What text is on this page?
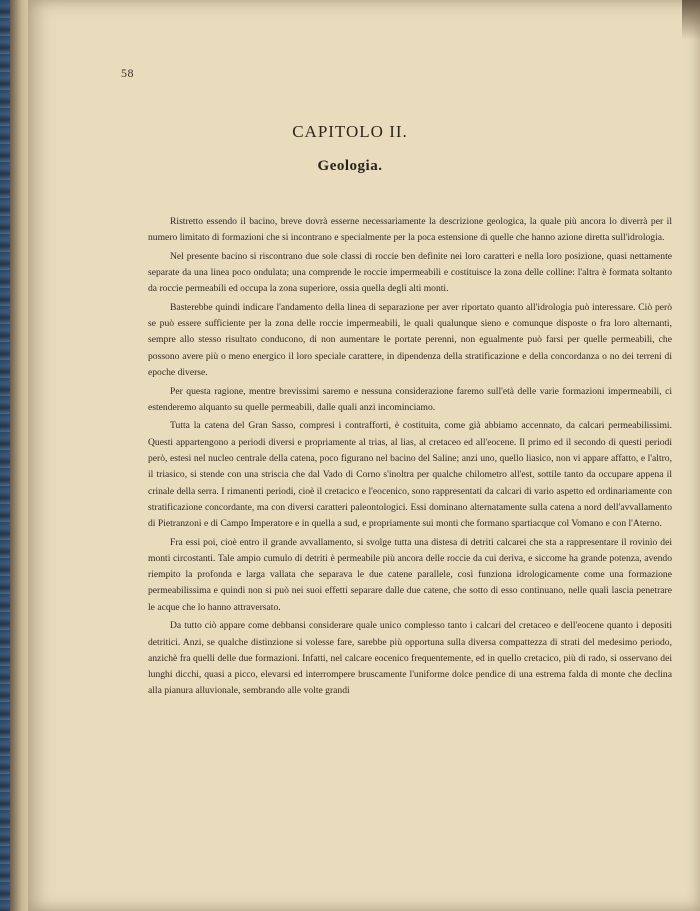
58
CAPITOLO II.
Geologia.

Ristretto essendo il bacino, breve dovrà esserne necessariamente la descrizione geologica, la quale più ancora lo diverrà per il numero limitato di formazioni che si incontrano e specialmente per la poca estensione di quelle che hanno azione diretta sull'idrologia.

Nel presente bacino si riscontrano due sole classi di roccie ben definite nei loro caratteri e nella loro posizione, quasi nettamente separate da una linea poco ondulata; una comprende le roccie impermeabili e costituisce la zona delle colline: l'altra è formata soltanto da roccie permeabili ed occupa la zona superiore, ossia quella degli alti monti.

Basterebbe quindi indicare l'andamento della linea di separazione per aver riportato quanto all'idrologia può interessare. Ciò però se può essere sufficiente per la zona delle roccie impermeabili, le quali qualunque sieno e comunque disposte o fra loro alternanti, sempre allo stesso risultato conducono, di non aumentare le portate perenni, non egualmente può farsi per quelle permeabili, che possono avere più o meno energico il loro speciale carattere, in dipendenza della stratificazione e della concordanza o no dei terreni di epoche diverse.

Per questa ragione, mentre brevissimi saremo e nessuna considerazione faremo sull'età delle varie formazioni impermeabili, ci estenderemo alquanto su quelle permeabili, dalle quali anzi incominciamo.

Tutta la catena del Gran Sasso, compresi i contrafforti, è costituita, come già abbiamo accennato, da calcari permeabilissimi. Questi appartengono a periodi diversi e propriamente al trias, al lias, al cretaceo ed all'eocene. Il primo ed il secondo di questi periodi però, estesi nel nucleo centrale della catena, poco figurano nel bacino del Saline; anzi uno, quello liasico, non vi appare affatto, e l'altro, il triasico, si stende con una striscia che dal Vado di Corno s'inoltra per qualche chilometro all'est, sottile tanto da occupare appena il crinale della serra. I rimanenti periodi, cioè il cretacico e l'eocenico, sono rappresentati da calcari di vario aspetto ed ordinariamente con stratificazione concordante, ma con diversi caratteri paleontologici. Essi dominano alternatamente sulla catena a nord dell'avvallamento di Pietranzoni e di Campo Imperatore e in quella a sud, e propriamente sui monti che formano spartiacque col Vomano e con l'Aterno.

Fra essi poi, cioè entro il grande avvallamento, si svolge tutta una distesa di detriti calcarei che sta a rappresentare il rovinìo dei monti circostanti. Tale ampio cumulo di detriti è permeabile più ancora delle roccie da cui deriva, e siccome ha grande potenza, avendo riempito la profonda e larga vallata che separava le due catene parallele, così funziona idrologicamente come una formazione permeabilissima e quindi non si può nei suoi effetti separare dalle due catene, che sotto di esso continuano, nelle quali lascia penetrare le acque che lo hanno attraversato.

Da tutto ciò appare come debbansi considerare quale unico complesso tanto i calcari del cretaceo e dell'eocene quanto i depositi detritici. Anzi, se qualche distinzione si volesse fare, sarebbe più opportuna sulla diversa compattezza di strati del medesimo periodo, anzichè fra quelli delle due formazioni. Infatti, nel calcare eocenico frequentemente, ed in quello cretacico, più di rado, si osservano dei lunghi dicchi, quasi a picco, elevarsi ed interrompere bruscamente l'uniforme dolce pendice di una estrema falda di monte che declina alla pianura alluvionale, sembrando alle volte grandi
